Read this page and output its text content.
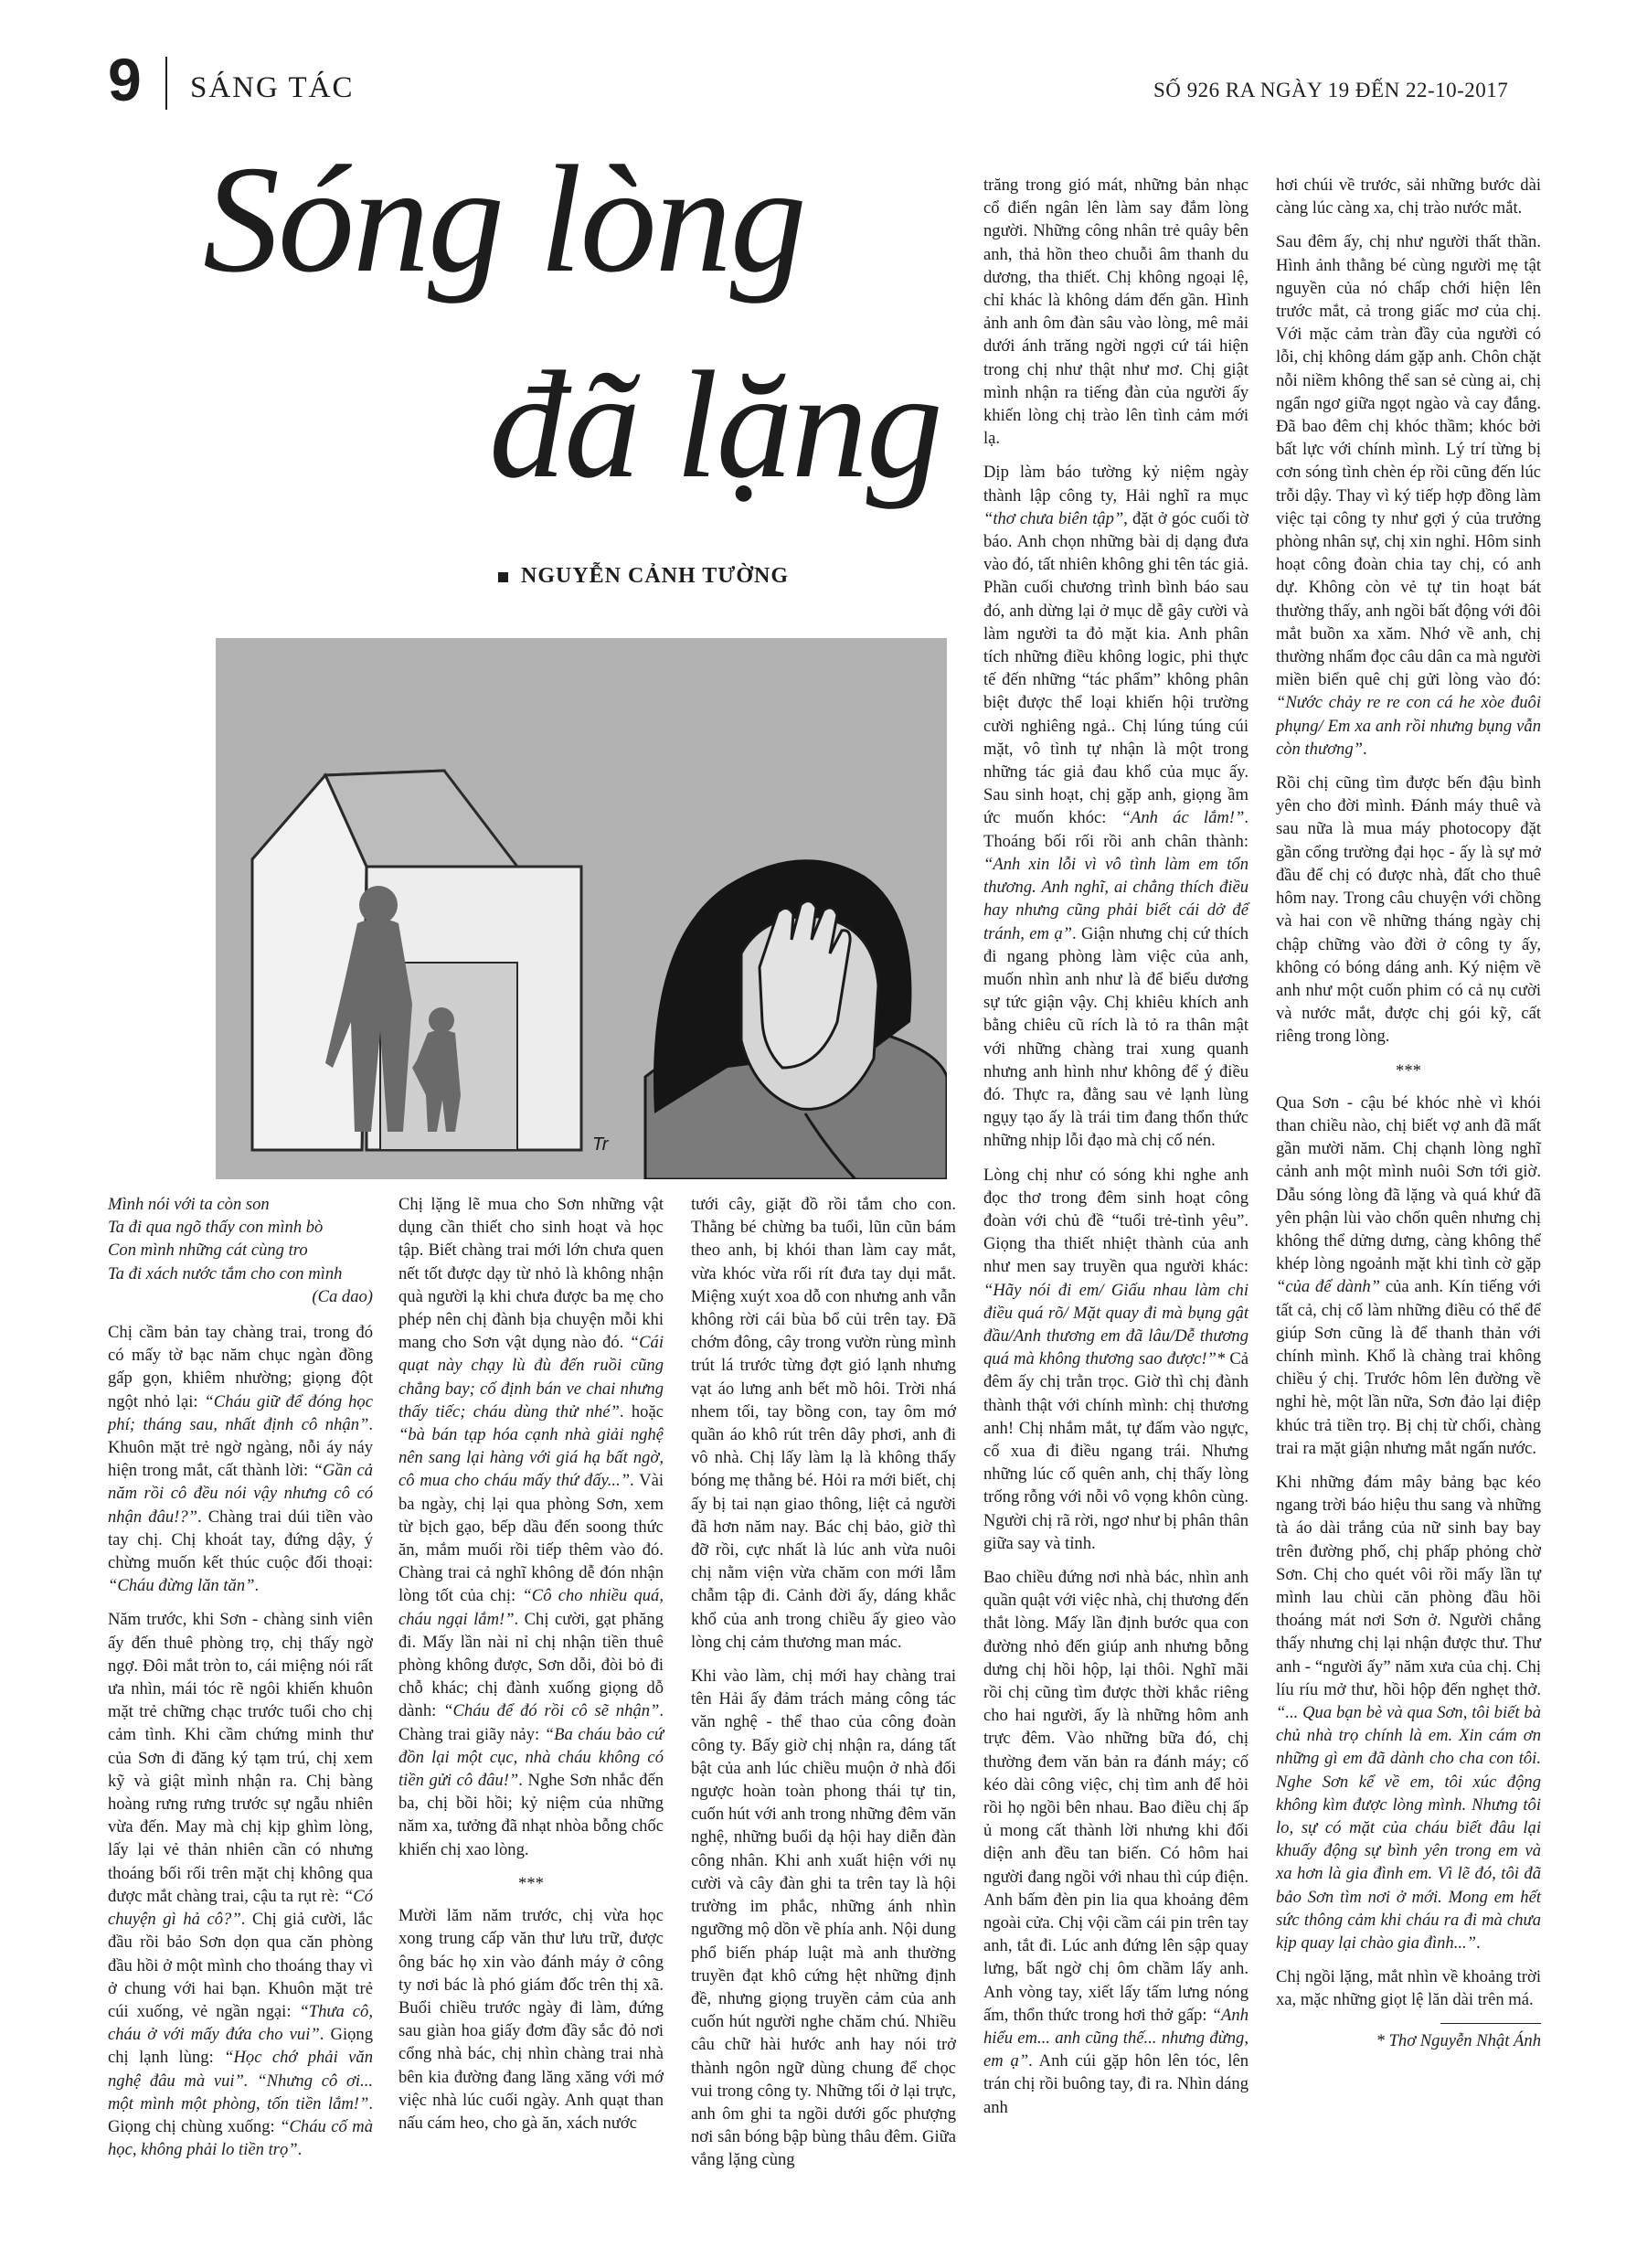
9 SÁNG TÁC	SỐ 926 RA NGÀY 19 ĐẾN 22-10-2017
Sóng lòng
đã lặng
NGUYỄN CẢNH TƯỜNG
Tr
Mình nói với ta còn son
Ta đi qua ngõ thấy con mình bò
Con mình những cát cùng tro
Ta đi xách nước tắm cho con mình
(Ca dao)

Chị cầm bản tay chàng trai, trong đó có mấy tờ bạc năm chục ngàn đồng gấp gọn, khiêm nhường; giọng đột ngột nhỏ lại: “Cháu giữ để đóng học phí; tháng sau, nhất định cô nhận”. Khuôn mặt trẻ ngờ ngàng, nỗi áy náy hiện trong mắt, cất thành lời: “Gần cả năm rồi cô đều nói vậy nhưng cô có nhận đâu!?”. Chàng trai dúi tiền vào tay chị. Chị khoát tay, đứng dậy, ý chừng muốn kết thúc cuộc đối thoại: “Cháu đừng lăn tăn”.

Năm trước, khi Sơn - chàng sinh viên ấy đến thuê phòng trọ, chị thấy ngờ ngợ. Đôi mắt tròn to, cái miệng nói rất ưa nhìn, mái tóc rẽ ngôi khiến khuôn mặt trẻ chững chạc trước tuổi cho chị cảm tình. Khi cầm chứng minh thư của Sơn đi đăng ký tạm trú, chị xem kỹ và giật mình nhận ra. Chị bàng hoàng rưng rưng trước sự ngẫu nhiên vừa đến. May mà chị kịp ghìm lòng, lấy lại vẻ thản nhiên cần có nhưng thoáng bối rối trên mặt chị không qua được mắt chàng trai, cậu ta rụt rè: “Có chuyện gì hả cô?”. Chị giả cười, lắc đầu rồi bảo Sơn dọn qua căn phòng đầu hồi ở một mình cho thoáng thay vì ở chung với hai bạn. Khuôn mặt trẻ cúi xuống, vẻ ngần ngại: “Thưa cô, cháu ở với mấy đứa cho vui”. Giọng chị lạnh lùng: “Học chớ phải văn nghệ đâu mà vui”. “Nhưng cô ơi... một mình một phòng, tốn tiền lắm!”. Giọng chị chùng xuống: “Cháu cố mà học, không phải lo tiền trọ”.

Chị lặng lẽ mua cho Sơn những vật dụng cần thiết cho sinh hoạt và học tập. Biết chàng trai mới lớn chưa quen nết tốt được dạy từ nhỏ là không nhận quà người lạ khi chưa được ba mẹ cho phép nên chị đành bịa chuyện mỗi khi mang cho Sơn vật dụng nào đó. “Cái quạt này chạy lù đù đến ruồi cũng chẳng bay; cố định bán ve chai nhưng thấy tiếc; cháu dùng thử nhé”. hoặc “bà bán tạp hóa cạnh nhà giải nghệ nên sang lại hàng với giá hạ bất ngờ, cô mua cho cháu mấy thứ đấy...”. Vài ba ngày, chị lại qua phòng Sơn, xem từ bịch gạo, bếp dầu đến soong thức ăn, mắm muối rồi tiếp thêm vào đó. Chàng trai cả nghĩ không dễ đón nhận lòng tốt của chị: “Cô cho nhiều quá, cháu ngại lắm!”. Chị cười, gạt phăng đi. Mấy lần nài nỉ chị nhận tiền thuê phòng không được, Sơn dỗi, đòi bỏ đi chỗ khác; chị đành xuống giọng dỗ dành: “Cháu để đó rồi cô sẽ nhận”. Chàng trai giãy nảy: “Ba cháu bảo cứ đồn lại một cục, nhà cháu không có tiền gửi cô đâu!”. Nghe Sơn nhắc đến ba, chị bồi hồi; kỷ niệm của những năm xa, tưởng đã nhạt nhòa bỗng chốc khiến chị xao lòng.

***

Mười lăm năm trước, chị vừa học xong trung cấp văn thư lưu trữ, được ông bác họ xin vào đánh máy ở công ty nơi bác là phó giám đốc trên thị xã. Buổi chiều trước ngày đi làm, đứng sau giàn hoa giấy đơm đầy sắc đỏ nơi cổng nhà bác, chị nhìn chàng trai nhà bên kia đường đang lăng xăng với mớ việc nhà lúc cuối ngày. Anh quạt than nấu cám heo, cho gà ăn, xách nước

tưới cây, giặt đồ rồi tắm cho con. Thằng bé chừng ba tuổi, lũn cũn bám theo anh, bị khói than làm cay mắt, vừa khóc vừa rối rít đưa tay dụi mắt. Miệng xuýt xoa dỗ con nhưng anh vẫn không rời cái bùa bổ củi trên tay. Đã chớm đông, cây trong vườn rùng mình trút lá trước từng đợt gió lạnh nhưng vạt áo lưng anh bết mồ hôi. Trời nhá nhem tối, tay bồng con, tay ôm mớ quần áo khô rút trên dây phơi, anh đi vô nhà. Chị lấy làm lạ là không thấy bóng mẹ thằng bé. Hỏi ra mới biết, chị ấy bị tai nạn giao thông, liệt cả người đã hơn năm nay. Bác chị bảo, giờ thì đỡ rồi, cực nhất là lúc anh vừa nuôi chị nằm viện vừa chăm con mới lẫm chẫm tập đi. Cảnh đời ấy, dáng khắc khổ của anh trong chiều ấy gieo vào lòng chị cảm thương man mác.

Khi vào làm, chị mới hay chàng trai tên Hải ấy đảm trách mảng công tác văn nghệ - thể thao của công đoàn công ty. Bấy giờ chị nhận ra, dáng tất bật của anh lúc chiều muộn ở nhà đối ngược hoàn toàn phong thái tự tin, cuốn hút với anh trong những đêm văn nghệ, những buổi dạ hội hay diễn đàn công nhân. Khi anh xuất hiện với nụ cười và cây đàn ghi ta trên tay là hội trường im phắc, những ánh nhìn ngưỡng mộ dồn về phía anh. Nội dung phổ biến pháp luật mà anh thường truyền đạt khô cứng hệt những định đề, nhưng giọng truyền cảm của anh cuốn hút người nghe chăm chú. Nhiều câu chữ hài hước anh hay nói trở thành ngôn ngữ dùng chung để chọc vui trong công ty. Những tối ở lại trực, anh ôm ghi ta ngồi dưới gốc phượng nơi sân bóng bập bùng thâu đêm. Giữa vắng lặng cùng

trăng trong gió mát, những bản nhạc cổ điển ngân lên làm say đắm lòng người. Những công nhân trẻ quây bên anh, thả hồn theo chuỗi âm thanh du dương, tha thiết. Chị không ngoại lệ, chỉ khác là không dám đến gần. Hình ảnh anh ôm đàn sâu vào lòng, mê mải dưới ánh trăng ngời ngợi cứ tái hiện trong chị như thật như mơ. Chị giật mình nhận ra tiếng đàn của người ấy khiến lòng chị trào lên tình cảm mới lạ.

Dịp làm báo tường kỷ niệm ngày thành lập công ty, Hải nghĩ ra mục “thơ chưa biên tập”, đặt ở góc cuối tờ báo. Anh chọn những bài dị dạng đưa vào đó, tất nhiên không ghi tên tác giả. Phần cuối chương trình bình báo sau đó, anh dừng lại ở mục dễ gây cười và làm người ta đỏ mặt kia. Anh phân tích những điều không logic, phi thực tế đến những “tác phẩm” không phân biệt được thể loại khiến hội trường cười nghiêng ngả.. Chị lúng túng cúi mặt, vô tình tự nhận là một trong những tác giả đau khổ của mục ấy. Sau sinh hoạt, chị gặp anh, giọng ầm ức muốn khóc: “Anh ác lắm!”. Thoáng bối rối rồi anh chân thành: “Anh xin lỗi vì vô tình làm em tổn thương. Anh nghĩ, ai chẳng thích điều hay nhưng cũng phải biết cái dở để tránh, em ạ”. Giận nhưng chị cứ thích đi ngang phòng làm việc của anh, muốn nhìn anh như là để biểu dương sự tức giận vậy. Chị khiêu khích anh bằng chiêu cũ rích là tỏ ra thân mật với những chàng trai xung quanh nhưng anh hình như không để ý điều đó. Thực ra, đằng sau vẻ lạnh lùng ngụy tạo ấy là trái tim đang thổn thức những nhịp lỗi đạo mà chị cố nén.

Lòng chị như có sóng khi nghe anh đọc thơ trong đêm sinh hoạt công đoàn với chủ đề “tuổi trẻ-tình yêu”. Giọng tha thiết nhiệt thành của anh như men say truyền qua người khác: “Hãy nói đi em/ Giấu nhau làm chi điều quá rõ/ Mặt quay đi mà bụng gật đầu/Anh thương em đã lâu/Dễ thương quá mà không thương sao được!”* Cả đêm ấy chị trằn trọc. Giờ thì chị đành thành thật với chính mình: chị thương anh! Chị nhắm mắt, tự đấm vào ngực, cố xua đi điều ngang trái. Nhưng những lúc cố quên anh, chị thấy lòng trống rỗng với nỗi vô vọng khôn cùng. Người chị rã rời, ngơ như bị phân thân giữa say và tỉnh.

Bao chiều đứng nơi nhà bác, nhìn anh quần quật với việc nhà, chị thương đến thắt lòng. Mấy lần định bước qua con đường nhỏ đến giúp anh nhưng bỗng dưng chị hồi hộp, lại thôi. Nghĩ mãi rồi chị cũng tìm được thời khắc riêng cho hai người, ấy là những hôm anh trực đêm. Vào những bữa đó, chị thường đem văn bản ra đánh máy; cố kéo dài công việc, chị tìm anh để hỏi rồi họ ngồi bên nhau. Bao điều chị ấp ủ mong cất thành lời nhưng khi đối diện anh đều tan biến. Có hôm hai người đang ngồi với nhau thì cúp điện. Anh bấm đèn pin lia qua khoảng đêm ngoài cửa. Chị vội cầm cái pin trên tay anh, tắt đi. Lúc anh đứng lên sập quay lưng, bất ngờ chị ôm chầm lấy anh. Anh vòng tay, xiết lấy tấm lưng nóng ấm, thổn thức trong hơi thở gấp: “Anh hiểu em... anh cũng thế... nhưng đừng, em ạ”. Anh cúi gặp hôn lên tóc, lên trán chị rồi buông tay, đi ra. Nhìn dáng anh

hơi chúi về trước, sải những bước dài càng lúc càng xa, chị trào nước mắt.

Sau đêm ấy, chị như người thất thần. Hình ảnh thằng bé cùng người mẹ tật nguyền của nó chấp chới hiện lên trước mắt, cả trong giấc mơ của chị. Với mặc cảm tràn đầy của người có lỗi, chị không dám gặp anh. Chôn chặt nỗi niềm không thể san sẻ cùng ai, chị ngẩn ngơ giữa ngọt ngào và cay đắng. Đã bao đêm chị khóc thầm; khóc bởi bất lực với chính mình. Lý trí từng bị cơn sóng tình chèn ép rồi cũng đến lúc trỗi dậy. Thay vì ký tiếp hợp đồng làm việc tại công ty như gợi ý của trưởng phòng nhân sự, chị xin nghỉ. Hôm sinh hoạt công đoàn chia tay chị, có anh dự. Không còn vẻ tự tin hoạt bát thường thấy, anh ngồi bất động với đôi mắt buồn xa xăm. Nhớ về anh, chị thường nhẩm đọc câu dân ca mà người miền biển quê chị gửi lòng vào đó: “Nước chảy re re con cá he xòe đuôi phụng/ Em xa anh rồi nhưng bụng vẫn còn thương”.

Rồi chị cũng tìm được bến đậu bình yên cho đời mình. Đánh máy thuê và sau nữa là mua máy photocopy đặt gần cổng trường đại học - ấy là sự mở đầu để chị có được nhà, đất cho thuê hôm nay. Trong câu chuyện với chồng và hai con về những tháng ngày chị chập chững vào đời ở công ty ấy, không có bóng dáng anh. Ký niệm về anh như một cuốn phim có cả nụ cười và nước mắt, được chị gói kỹ, cất riêng trong lòng.

***

Qua Sơn - cậu bé khóc nhè vì khói than chiều nào, chị biết vợ anh đã mất gần mười năm. Chị chạnh lòng nghĩ cảnh anh một mình nuôi Sơn tới giờ. Dẫu sóng lòng đã lặng và quá khứ đã yên phận lùi vào chốn quên nhưng chị không thể dửng dưng, càng không thể khép lòng ngoảnh mặt khi tình cờ gặp “của để dành” của anh. Kín tiếng với tất cả, chị cố làm những điều có thể để giúp Sơn cũng là để thanh thản với chính mình. Khổ là chàng trai không chiều ý chị. Trước hôm lên đường về nghỉ hè, một lần nữa, Sơn đảo lại điệp khúc trả tiền trọ. Bị chị từ chối, chàng trai ra mặt giận nhưng mắt ngấn nước.

Khi những đám mây bảng bạc kéo ngang trời báo hiệu thu sang và những tà áo dài trắng của nữ sinh bay bay trên đường phố, chị phấp phỏng chờ Sơn. Chị cho quét vôi rồi mấy lần tự mình lau chùi căn phòng đầu hồi thoáng mát nơi Sơn ở. Người chẳng thấy nhưng chị lại nhận được thư. Thư anh - “người ấy” năm xưa của chị. Chị líu ríu mở thư, hồi hộp đến nghẹt thở. “... Qua bạn bè và qua Sơn, tôi biết bà chủ nhà trọ chính là em. Xin cám ơn những gì em đã dành cho cha con tôi. Nghe Sơn kể về em, tôi xúc động không kìm được lòng mình. Nhưng tôi lo, sự có mặt của cháu biết đâu lại khuấy động sự bình yên trong em và xa hơn là gia đình em. Vì lẽ đó, tôi đã bảo Sơn tìm nơi ở mới. Mong em hết sức thông cảm khi cháu ra đi mà chưa kịp quay lại chào gia đình...”.

Chị ngồi lặng, mắt nhìn về khoảng trời xa, mặc những giọt lệ lăn dài trên má.

* Thơ Nguyễn Nhật Ánh
